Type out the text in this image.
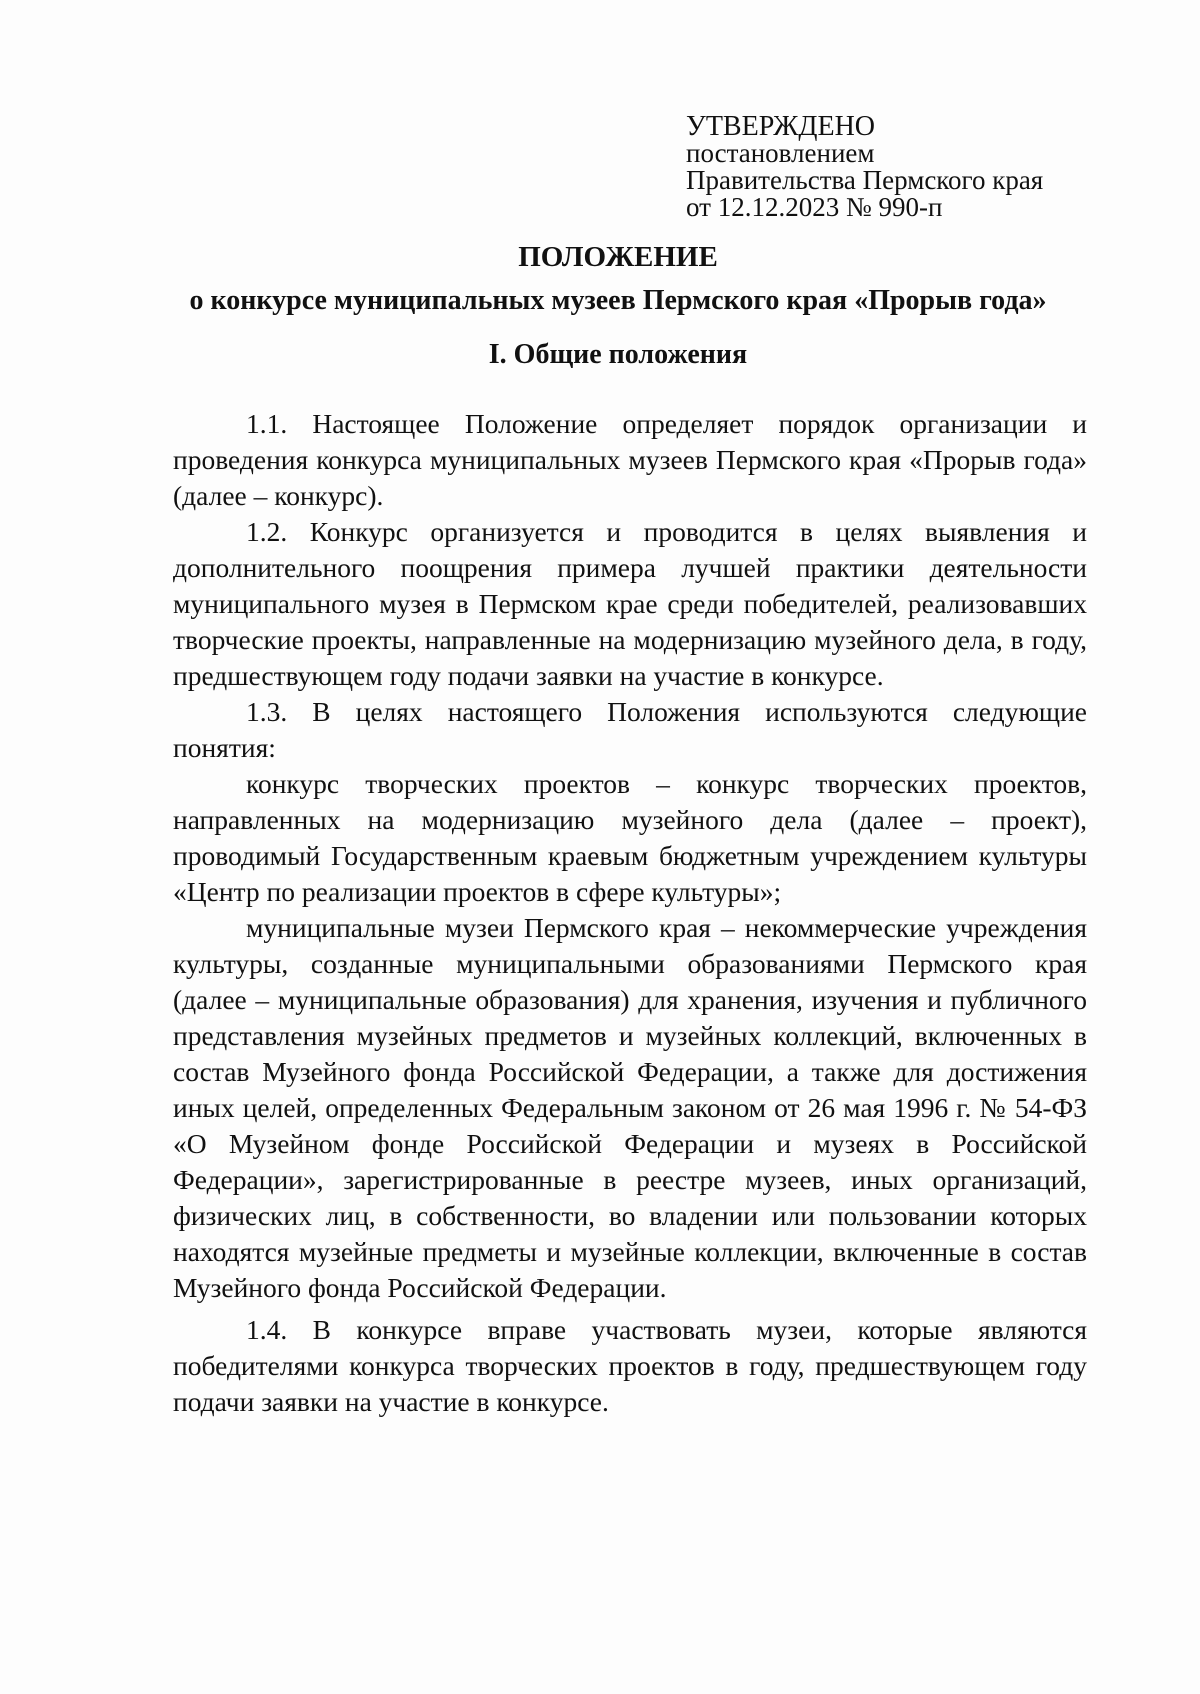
УТВЕРЖДЕНО
постановлением
Правительства Пермского края
от 12.12.2023 № 990-п
ПОЛОЖЕНИЕ
о конкурсе муниципальных музеев Пермского края «Прорыв года»
I. Общие положения

1.1. Настоящее Положение определяет порядок организации и проведения конкурса муниципальных музеев Пермского края «Прорыв года» (далее – конкурс).

1.2. Конкурс организуется и проводится в целях выявления и дополнительного поощрения примера лучшей практики деятельности муниципального музея в Пермском крае среди победителей, реализовавших творческие проекты, направленные на модернизацию музейного дела, в году, предшествующем году подачи заявки на участие в конкурсе.

1.3. В целях настоящего Положения используются следующие понятия:

конкурс творческих проектов – конкурс творческих проектов, направленных на модернизацию музейного дела (далее – проект), проводимый Государственным краевым бюджетным учреждением культуры «Центр по реализации проектов в сфере культуры»;

муниципальные музеи Пермского края – некоммерческие учреждения культуры, созданные муниципальными образованиями Пермского края (далее – муниципальные образования) для хранения, изучения и публичного представления музейных предметов и музейных коллекций, включенных в состав Музейного фонда Российской Федерации, а также для достижения иных целей, определенных Федеральным законом от 26 мая 1996 г. № 54-ФЗ «О Музейном фонде Российской Федерации и музеях в Российской Федерации», зарегистрированные в реестре музеев, иных организаций, физических лиц, в собственности, во владении или пользовании которых находятся музейные предметы и музейные коллекции, включенные в состав Музейного фонда Российской Федерации.

1.4. В конкурсе вправе участвовать музеи, которые являются победителями конкурса творческих проектов в году, предшествующем году подачи заявки на участие в конкурсе.
